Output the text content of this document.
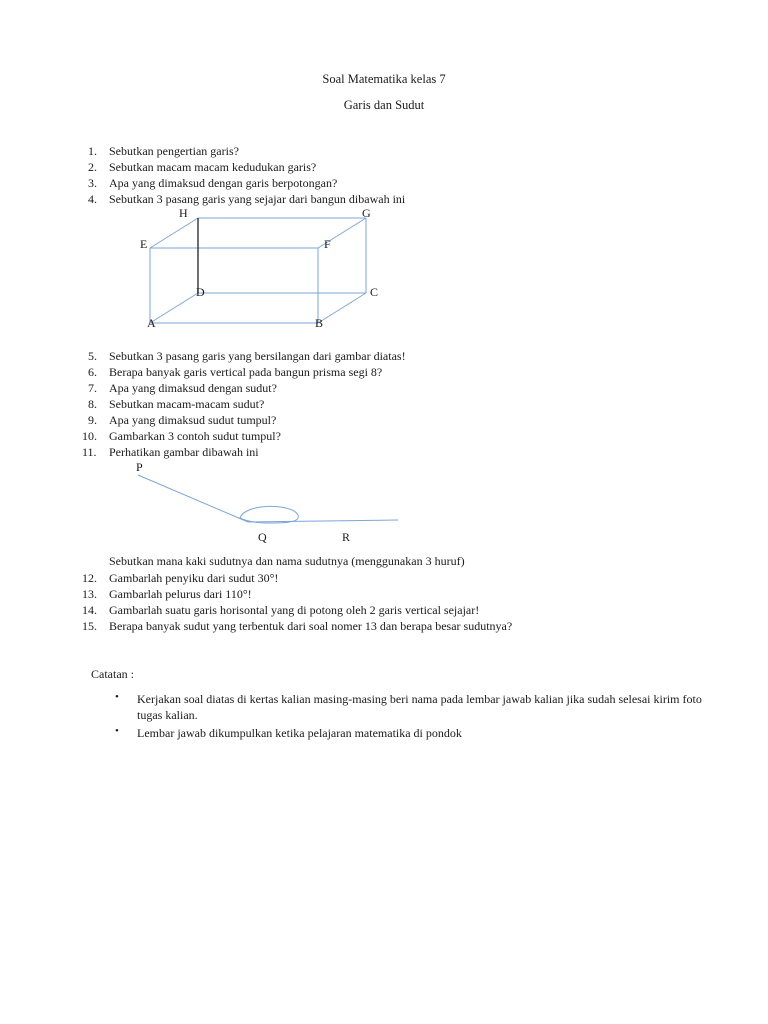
Soal Matematika kelas 7
Garis dan Sudut
1. Sebutkan pengertian garis?
2. Sebutkan macam macam kedudukan garis?
3. Apa yang dimaksud dengan garis berpotongan?
4. Sebutkan 3 pasang garis yang sejajar dari bangun dibawah ini
H	G
E	F
D	C
A	B
5. Sebutkan 3 pasang garis yang bersilangan dari gambar diatas!
6. Berapa banyak garis vertical pada bangun prisma segi 8?
7. Apa yang dimaksud dengan sudut?
8. Sebutkan macam-macam sudut?
9. Apa yang dimaksud sudut tumpul?
10. Gambarkan 3 contoh sudut tumpul?
11. Perhatikan gambar dibawah ini
P
Q	R
Sebutkan mana kaki sudutnya dan nama sudutnya (menggunakan 3 huruf)
12. Gambarlah penyiku dari sudut 30°!
13. Gambarlah pelurus dari 110°!
14. Gambarlah suatu garis horisontal yang di potong oleh 2 garis vertical sejajar!
15. Berapa banyak sudut yang terbentuk dari soal nomer 13 dan berapa besar sudutnya?
Catatan :
• Kerjakan soal diatas di kertas kalian masing-masing beri nama pada lembar jawab kalian jika sudah selesai kirim foto tugas kalian.
• Lembar jawab dikumpulkan ketika pelajaran matematika di pondok
